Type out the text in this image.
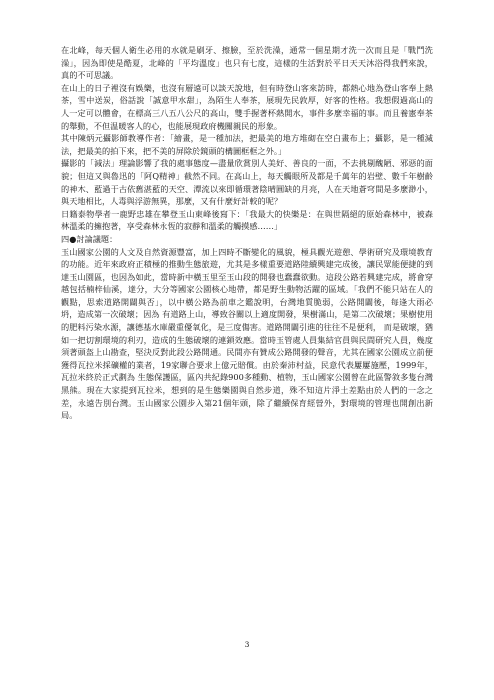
在北峰，每天個人衛生必用的水就是刷牙、擦臉，至於洗澡，通常一個星期才洗一次而且是「戰鬥洗澡」，因為即使是酷夏，北峰的「平均溫度」也只有七度，這樣的生活對於平日天天沐浴得我們來說，真的不可思議。

在山上的日子裡沒有娛樂，也沒有層遠可以談天說地，但有時登山客來訪時，都熱心地為登山客奉上熱茶，雪中送炭，俗話說「誠意甲水甜」，為陌生人奉茶，展現先民敦厚，好客的性格。我想假過高山的人一定可以體會，在標高三八五八公尺的高山，雙手握著杯熱開水，事件多麼幸福的事。而且養憲奉茶的舉動，不但温暖客人的心，也能展現政府機關親民的形象。

其中陳炳元攝影師教導作者：「繪畫，是一種加法，把最美的地方堆砌在空白畫布上；攝影，是一種減法，把最美的拍下來，把不美的屏除於鏡頭的構圖框框之外。」

攝影的「減法」理論影響了我的處事態度—盡量欣賞別人美好、善良的一面，不去挑剔醜陋、邪惡的面貌；但這又與魯迅的「阿Q精神」截然不同。在高山上，每天觸眼所及都是千萬年的岩壁、數千年樹齡的神木、藍過于古依舊湛藍的天空、潭流以來即循環著陰晴圓缺的月亮，人在天地蒼穹間是多麼渺小，與天地相比，人毒與浮游無異，那麼，又有什麼好計較的呢？

日籍泰物學者一鹿野忠雄在攀登玉山東峰後寫下：「我最大的快樂是：在與世隔絕的原始森林中，被森林溫柔的擁抱著，享受森林永恆的寂靜和溫柔的觸摸感……」

四●討論議題：

玉山國家公園的人文及自然資源豐富，加上四時不斷變化的風貌，極具觀光遊憩、學術研究及環境教育的功能。近年來政府正積極的推動生態旅遊，尤其是多樣重要道路陸續興建完成後，讓民眾能便捷的到達玉山園區，也因為如此，當時新中橫玉里至玉山段的開發也蠢蠢欲動。這段公路若興建完成，將會穿越包括楠梓仙溪，達分，大分等國家公園核心地帶，都是野生動物活躍的區域。「我們不能只站在人的觀點，思索道路開闢與否」，以中橫公路為前車之鑑說明，台灣地質脆弱，公路開闢後，每逢大雨必坍，造成第一次破壞；因為 有道路上山，導致谷關以上適度開發，果樹滿山，是第二次破壞；果樹使用的肥料污染水源，讓德基水庫嚴重優氧化，是三度傷害。道路開闢引進的往往不是便利， 而是破壞，猶如一把切割環境的利刃，造成的生態破壞的連鎖效應。當時玉管處人員集結官員與民間研究人員，幾度須著頭盔上山勘查，堅決反對此段公路開通。民間亦有贊成公路開發的聲音，尤其在國家公園成立前便獲得瓦拉米採礦權的業者，19家聯合要求上億元賠償。由於秦沛村益，民意代表屢屢施壓，1999年，瓦拉米終於正式劃為 生態保護區，區內共紀錄900多種動、植物，玉山國家公園曾在此區警敘多隻台灣黑熊。現在大家提到瓦拉米，想到的是生態樂園與自然步道，殊不知這片淨土差點由於人們的一念之差，永遠告別台灣。玉山國家公園步入第21個年頭，除了繼續保育經營外，對環境的管理也開創出新局。

3
